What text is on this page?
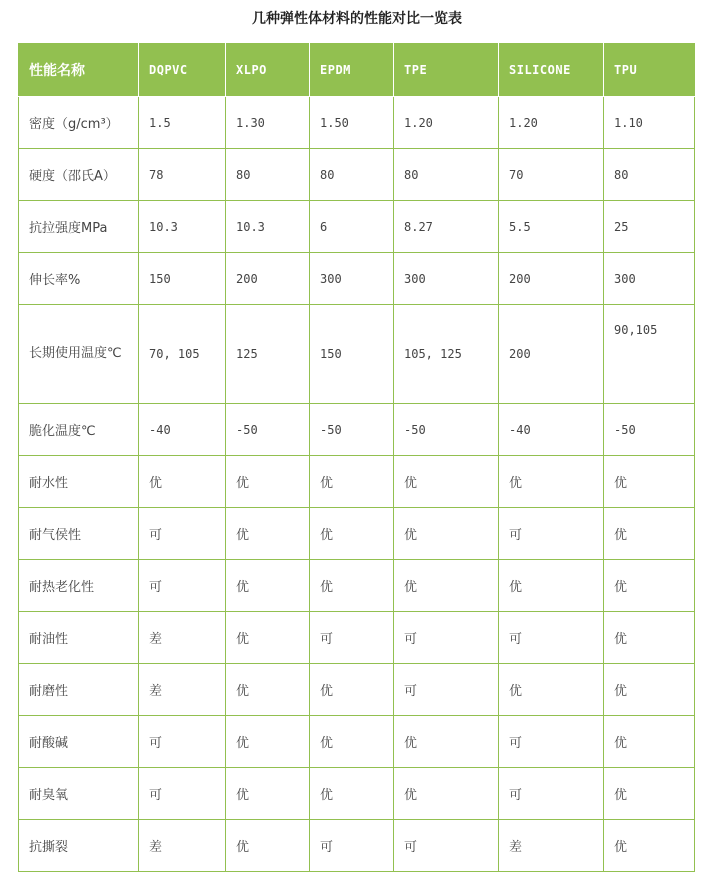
几种弹性体材料的性能对比一览表
性能名称	DQPVC	XLPO	EPDM	TPE	SILICONE	TPU
密度（g/cm³）	1.5	1.30	1.50	1.20	1.20	1.10
硬度（邵氏A）	78	80	80	80	70	80
抗拉强度MPa	10.3	10.3	6	8.27	5.5	25
伸长率%	150	200	300	300	200	300
长期使用温度℃	70, 105	125	150	105, 125	200	90,105
脆化温度℃	-40	-50	-50	-50	-40	-50
耐水性	优	优	优	优	优	优
耐气侯性	可	优	优	优	可	优
耐热老化性	可	优	优	优	优	优
耐油性	差	优	可	可	可	优
耐磨性	差	优	优	可	优	优
耐酸碱	可	优	优	优	可	优
耐臭氧	可	优	优	优	可	优
抗撕裂	差	优	可	可	差	优
